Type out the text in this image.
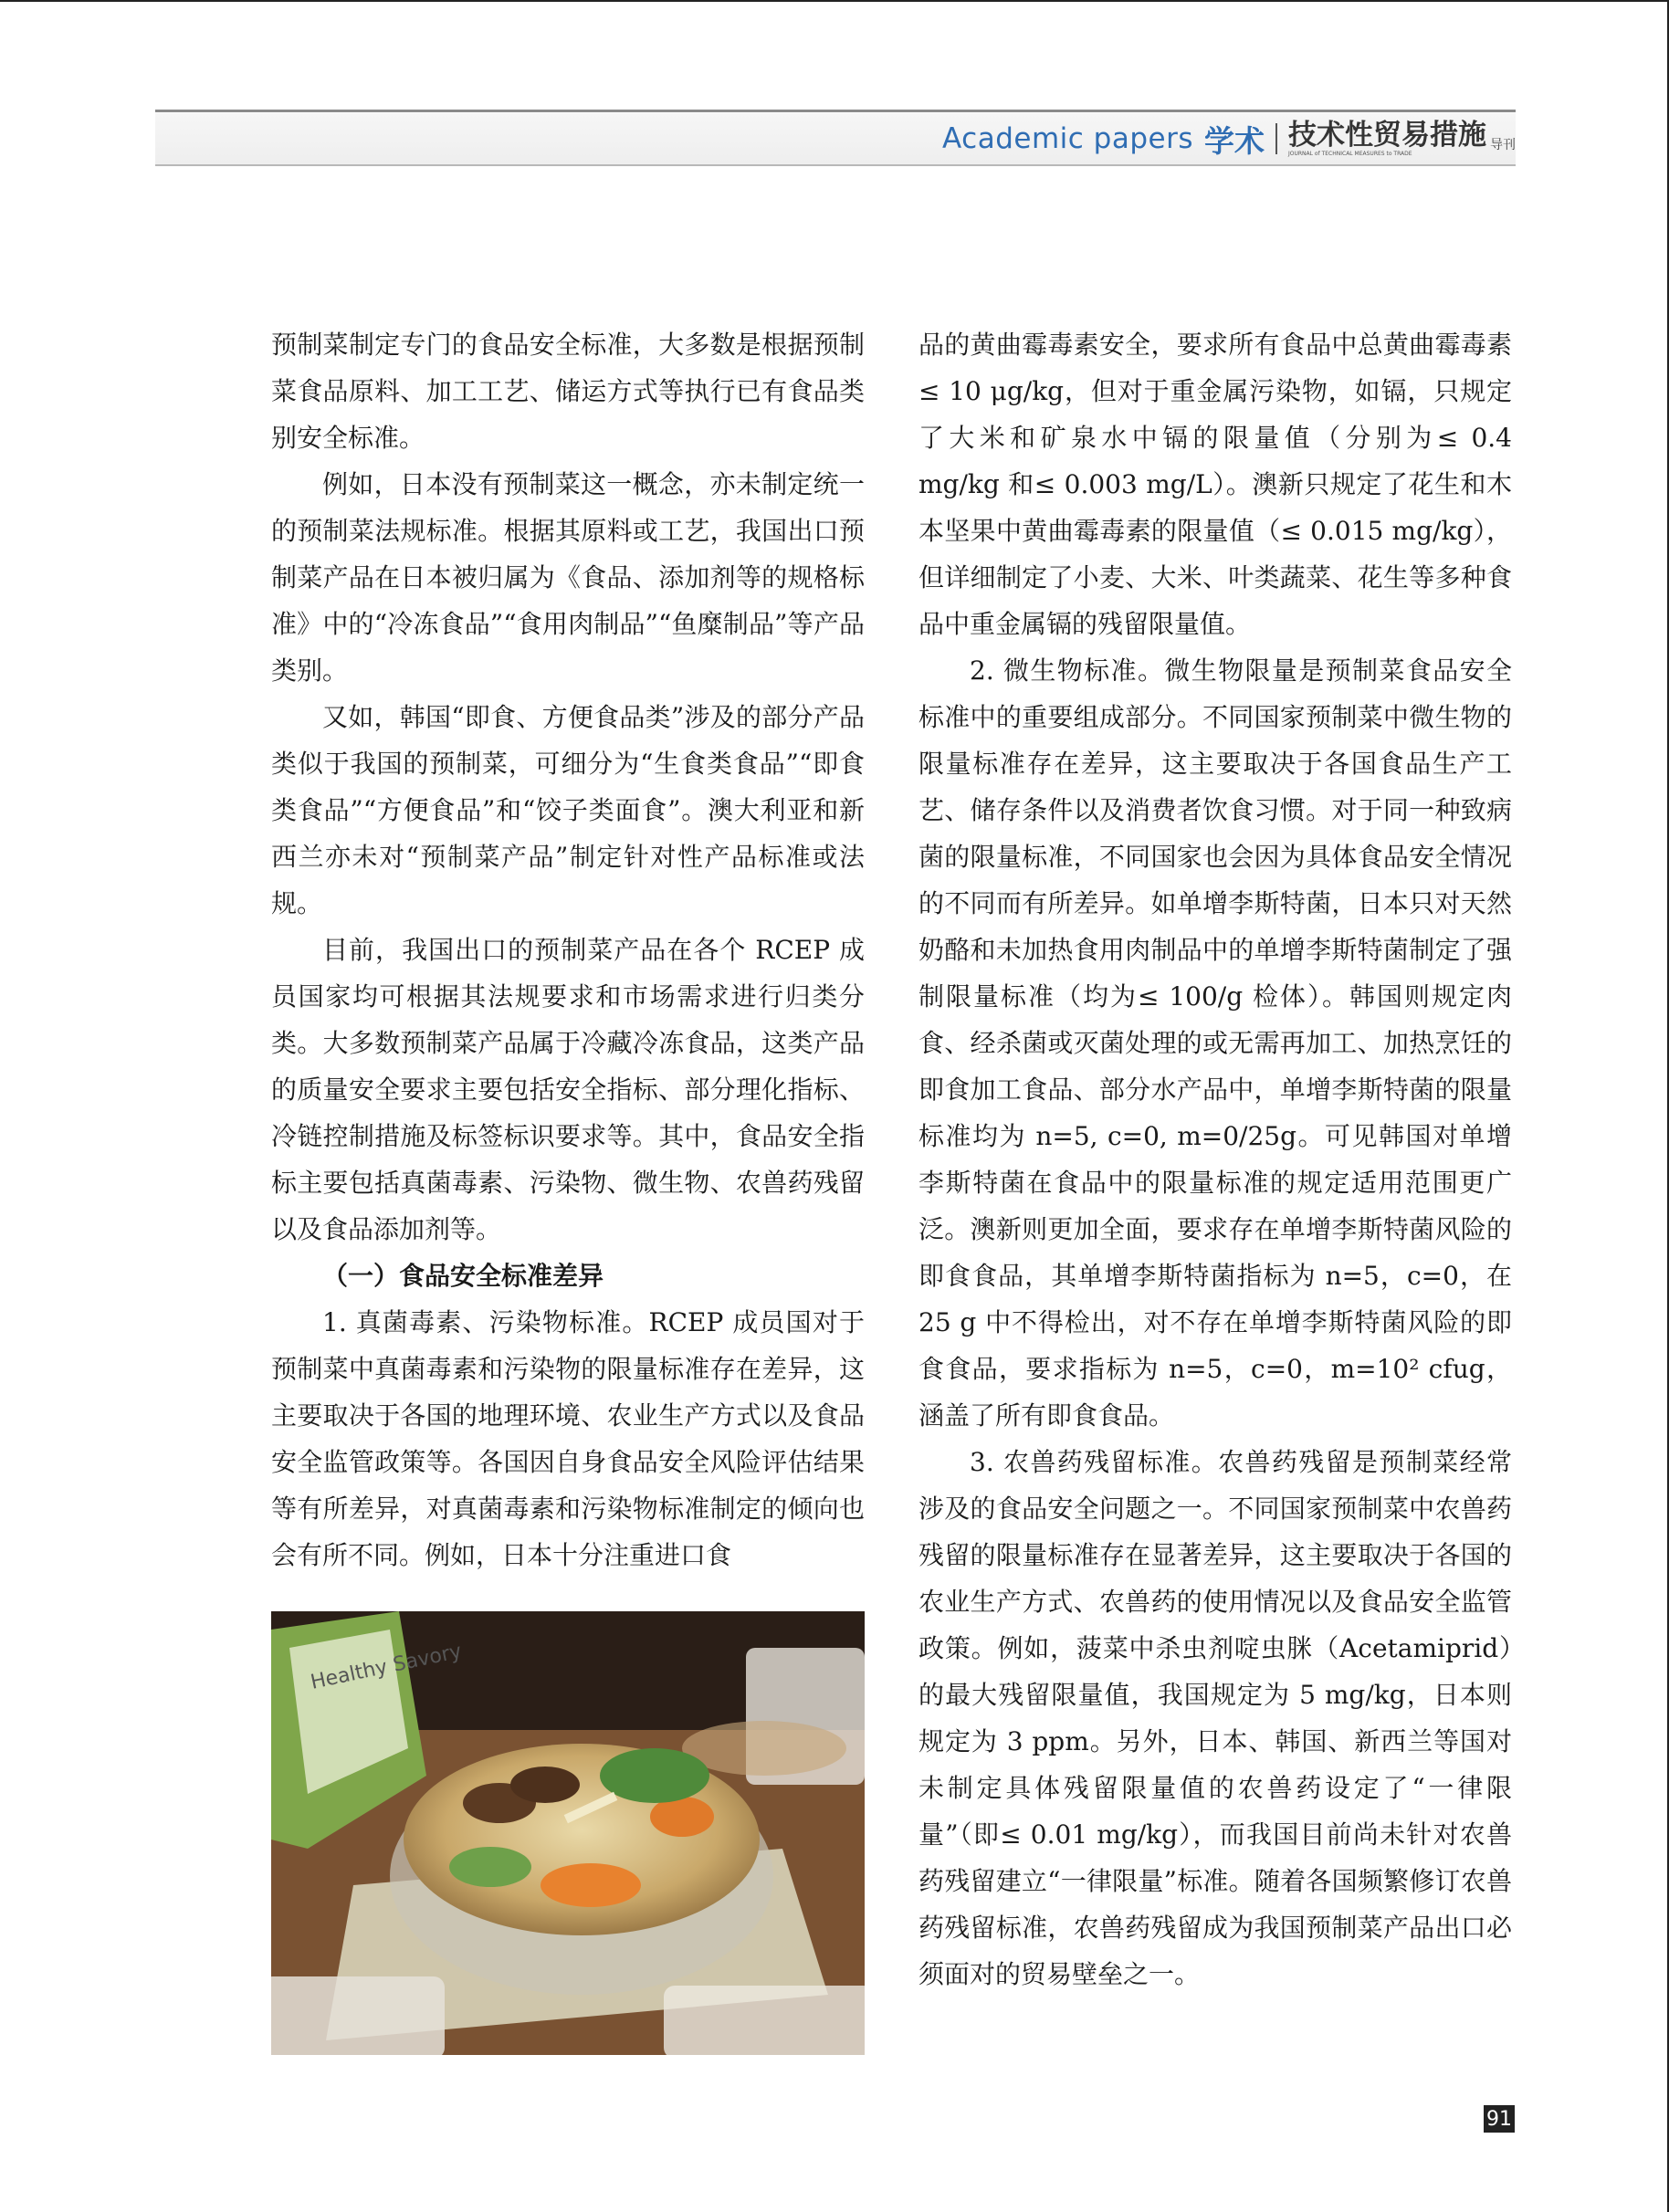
Academic papers 学术 技术性贸易措施
JOURNAL of TECHNICAL MEASURES to TRADE
导刊

预制菜制定专门的食品安全标准，大多数是根据预制菜食品原料、加工工艺、储运方式等执行已有食品类别安全标准。

例如，日本没有预制菜这一概念，亦未制定统一的预制菜法规标准。根据其原料或工艺，我国出口预制菜产品在日本被归属为《食品、添加剂等的规格标准》中的“冷冻食品”“食用肉制品”“鱼糜制品”等产品类别。

又如，韩国“即食、方便食品类”涉及的部分产品类似于我国的预制菜，可细分为“生食类食品”“即食类食品”“方便食品”和“饺子类面食”。澳大利亚和新西兰亦未对“预制菜产品”制定针对性产品标准或法规。

目前，我国出口的预制菜产品在各个 RCEP 成员国家均可根据其法规要求和市场需求进行归类分类。大多数预制菜产品属于冷藏冷冻食品，这类产品的质量安全要求主要包括安全指标、部分理化指标、冷链控制措施及标签标识要求等。其中，食品安全指标主要包括真菌毒素、污染物、微生物、农兽药残留以及食品添加剂等。

（一）食品安全标准差异

1. 真菌毒素、污染物标准。RCEP 成员国对于预制菜中真菌毒素和污染物的限量标准存在差异，这主要取决于各国的地理环境、农业生产方式以及食品安全监管政策等。各国因自身食品安全风险评估结果等有所差异，对真菌毒素和污染物标准制定的倾向也会有所不同。例如，日本十分注重进口食

品的黄曲霉毒素安全，要求所有食品中总黄曲霉毒素≤ 10 μg/kg，但对于重金属污染物，如镉，只规定了大米和矿泉水中镉的限量值（分别为≤ 0.4 mg/kg 和≤ 0.003 mg/L）。澳新只规定了花生和木本坚果中黄曲霉毒素的限量值（≤ 0.015 mg/kg），但详细制定了小麦、大米、叶类蔬菜、花生等多种食品中重金属镉的残留限量值。

2. 微生物标准。微生物限量是预制菜食品安全标准中的重要组成部分。不同国家预制菜中微生物的限量标准存在差异，这主要取决于各国食品生产工艺、储存条件以及消费者饮食习惯。对于同一种致病菌的限量标准，不同国家也会因为具体食品安全情况的不同而有所差异。如单增李斯特菌，日本只对天然奶酪和未加热食用肉制品中的单增李斯特菌制定了强制限量标准（均为≤ 100/g 检体）。韩国则规定肉食、经杀菌或灭菌处理的或无需再加工、加热烹饪的即食加工食品、部分水产品中，单增李斯特菌的限量标准均为 n=5, c=0, m=0/25g。可见韩国对单增李斯特菌在食品中的限量标准的规定适用范围更广泛。澳新则更加全面，要求存在单增李斯特菌风险的即食食品，其单增李斯特菌指标为 n=5，c=0，在 25 g 中不得检出，对不存在单增李斯特菌风险的即食食品，要求指标为 n=5，c=0，m=10² cfug，涵盖了所有即食食品。

3. 农兽药残留标准。农兽药残留是预制菜经常涉及的食品安全问题之一。不同国家预制菜中农兽药残留的限量标准存在显著差异，这主要取决于各国的农业生产方式、农兽药的使用情况以及食品安全监管政策。例如，菠菜中杀虫剂啶虫脒（Acetamiprid）的最大残留限量值，我国规定为 5 mg/kg，日本则规定为 3 ppm。另外，日本、韩国、新西兰等国对未制定具体残留限量值的农兽药设定了“一律限量”（即≤ 0.01 mg/kg），而我国目前尚未针对农兽药残留建立“一律限量”标准。随着各国频繁修订农兽药残留标准，农兽药残留成为我国预制菜产品出口必须面对的贸易壁垒之一。

Healthy Savory
91
